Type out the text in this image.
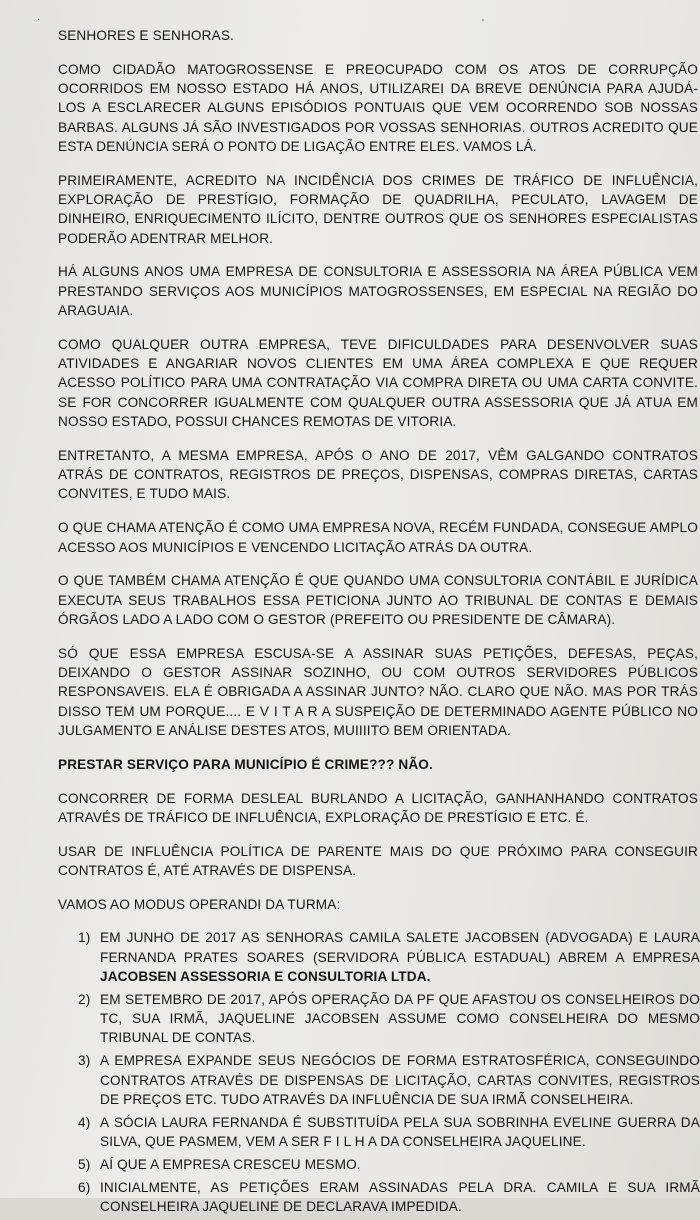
·	'

SENHORES E SENHORAS.

COMO CIDADÃO MATOGROSSENSE E PREOCUPADO COM OS ATOS DE CORRUPÇÃO OCORRIDOS EM NOSSO ESTADO HÁ ANOS, UTILIZAREI DA BREVE DENÚNCIA PARA AJUDÁ-LOS A ESCLARECER ALGUNS EPISÓDIOS PONTUAIS QUE VEM OCORRENDO SOB NOSSAS BARBAS. ALGUNS JÁ SÃO INVESTIGADOS POR VOSSAS SENHORIAS. OUTROS ACREDITO QUE ESTA DENÚNCIA SERÁ O PONTO DE LIGAÇÃO ENTRE ELES. VAMOS LÁ.

PRIMEIRAMENTE, ACREDITO NA INCIDÊNCIA DOS CRIMES DE TRÁFICO DE INFLUÊNCIA, EXPLORAÇÃO DE PRESTÍGIO, FORMAÇÃO DE QUADRILHA, PECULATO, LAVAGEM DE DINHEIRO, ENRIQUECIMENTO ILÍCITO, DENTRE OUTROS QUE OS SENHORES ESPECIALISTAS PODERÃO ADENTRAR MELHOR.

HÁ ALGUNS ANOS UMA EMPRESA DE CONSULTORIA E ASSESSORIA NA ÁREA PÚBLICA VEM PRESTANDO SERVIÇOS AOS MUNICÍPIOS MATOGROSSENSES, EM ESPECIAL NA REGIÃO DO ARAGUAIA.

COMO QUALQUER OUTRA EMPRESA, TEVE DIFICULDADES PARA DESENVOLVER SUAS ATIVIDADES E ANGARIAR NOVOS CLIENTES EM UMA ÁREA COMPLEXA E QUE REQUER ACESSO POLÍTICO PARA UMA CONTRATAÇÃO VIA COMPRA DIRETA OU UMA CARTA CONVITE. SE FOR CONCORRER IGUALMENTE COM QUALQUER OUTRA ASSESSORIA QUE JÁ ATUA EM NOSSO ESTADO, POSSUI CHANCES REMOTAS DE VITORIA.

ENTRETANTO, A MESMA EMPRESA, APÓS O ANO DE 2017, VÊM GALGANDO CONTRATOS ATRÁS DE CONTRATOS, REGISTROS DE PREÇOS, DISPENSAS, COMPRAS DIRETAS, CARTAS CONVITES, E TUDO MAIS.

O QUE CHAMA ATENÇÃO É COMO UMA EMPRESA NOVA, RECÉM FUNDADA, CONSEGUE AMPLO ACESSO AOS MUNICÍPIOS E VENCENDO LICITAÇÃO ATRÁS DA OUTRA.

O QUE TAMBÉM CHAMA ATENÇÃO É QUE QUANDO UMA CONSULTORIA CONTÁBIL E JURÍDICA EXECUTA SEUS TRABALHOS ESSA PETICIONA JUNTO AO TRIBUNAL DE CONTAS E DEMAIS ÓRGÃOS LADO A LADO COM O GESTOR (PREFEITO OU PRESIDENTE DE CÂMARA).

SÓ QUE ESSA EMPRESA ESCUSA-SE A ASSINAR SUAS PETIÇÕES, DEFESAS, PEÇAS, DEIXANDO O GESTOR ASSINAR SOZINHO, OU COM OUTROS SERVIDORES PÚBLICOS RESPONSAVEIS. ELA É OBRIGADA A ASSINAR JUNTO? NÃO. CLARO QUE NÃO. MAS POR TRÁS DISSO TEM UM PORQUE.... E V I T A R A SUSPEIÇÃO DE DETERMINADO AGENTE PÚBLICO NO JULGAMENTO E ANÁLISE DESTES ATOS, MUIIIITO BEM ORIENTADA.

PRESTAR SERVIÇO PARA MUNICÍPIO É CRIME??? NÃO.

CONCORRER DE FORMA DESLEAL BURLANDO A LICITAÇÃO, GANHANHANDO CONTRATOS ATRAVÉS DE TRÁFICO DE INFLUÊNCIA, EXPLORAÇÃO DE PRESTÍGIO E ETC. É.

USAR DE INFLUÊNCIA POLÍTICA DE PARENTE MAIS DO QUE PRÓXIMO PARA CONSEGUIR CONTRATOS É, ATÉ ATRAVÉS DE DISPENSA.

VAMOS AO MODUS OPERANDI DA TURMA:

1) EM JUNHO DE 2017 AS SENHORAS CAMILA SALETE JACOBSEN (ADVOGADA) E LAURA FERNANDA PRATES SOARES (SERVIDORA PÚBLICA ESTADUAL) ABREM A EMPRESA JACOBSEN ASSESSORIA E CONSULTORIA LTDA.
2) EM SETEMBRO DE 2017, APÓS OPERAÇÃO DA PF QUE AFASTOU OS CONSELHEIROS DO TC, SUA IRMÃ, JAQUELINE JACOBSEN ASSUME COMO CONSELHEIRA DO MESMO TRIBUNAL DE CONTAS.
3) A EMPRESA EXPANDE SEUS NEGÓCIOS DE FORMA ESTRATOSFÉRICA, CONSEGUINDO CONTRATOS ATRAVÉS DE DISPENSAS DE LICITAÇÃO, CARTAS CONVITES, REGISTROS DE PREÇOS ETC. TUDO ATRAVÉS DA INFLUÊNCIA DE SUA IRMÃ CONSELHEIRA.
4) A SÓCIA LAURA FERNANDA É SUBSTITUÍDA PELA SUA SOBRINHA EVELINE GUERRA DA SILVA, QUE PASMEM, VEM A SER F I L H A DA CONSELHEIRA JAQUELINE.
5) AÍ QUE A EMPRESA CRESCEU MESMO.
6) INICIALMENTE, AS PETIÇÕES ERAM ASSINADAS PELA DRA. CAMILA E SUA IRMÃ CONSELHEIRA JAQUELINE DE DECLARAVA IMPEDIDA.
